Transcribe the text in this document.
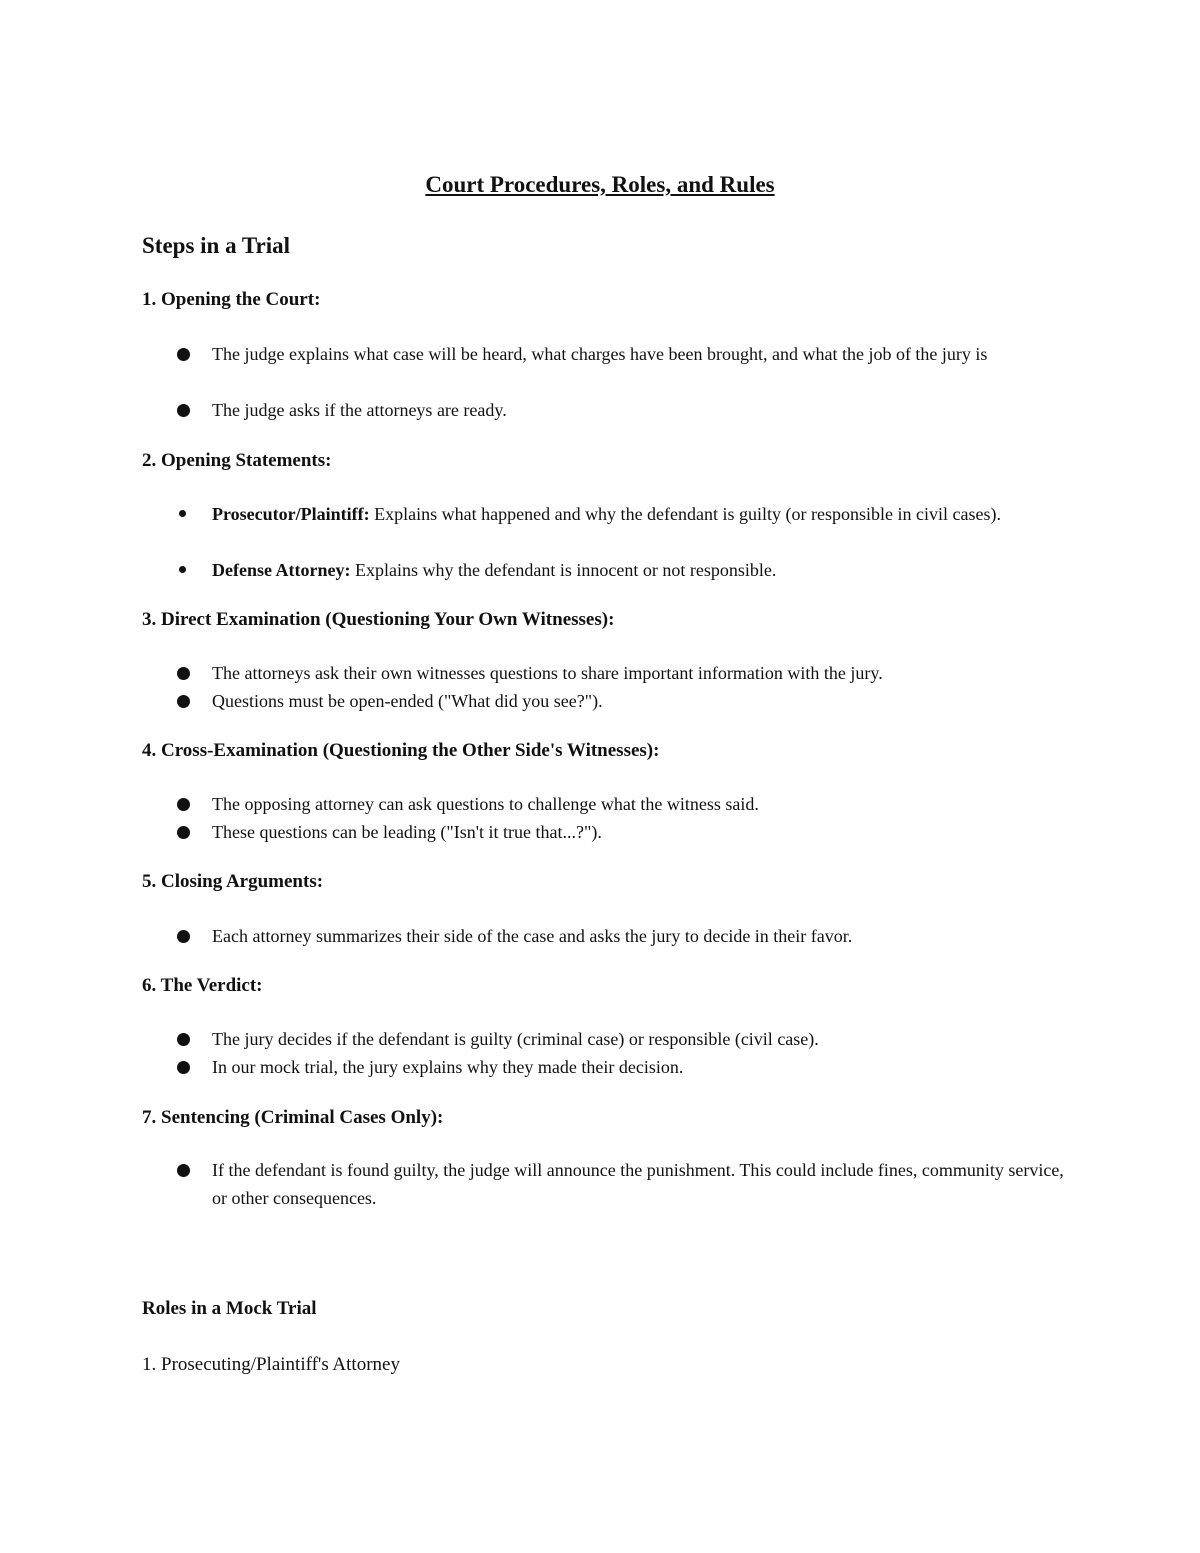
Court Procedures, Roles, and Rules
Steps in a Trial
1. Opening the Court:

The judge explains what case will be heard, what charges have been brought, and what the job of the jury is

The judge asks if the attorneys are ready.

2. Opening Statements:

Prosecutor/Plaintiff: Explains what happened and why the defendant is guilty (or responsible in civil cases).

Defense Attorney: Explains why the defendant is innocent or not responsible.

3. Direct Examination (Questioning Your Own Witnesses):

The attorneys ask their own witnesses questions to share important information with the jury.

Questions must be open-ended ("What did you see?").

4. Cross-Examination (Questioning the Other Side's Witnesses):

The opposing attorney can ask questions to challenge what the witness said.

These questions can be leading ("Isn't it true that...?").

5. Closing Arguments:

Each attorney summarizes their side of the case and asks the jury to decide in their favor.

6. The Verdict:

The jury decides if the defendant is guilty (criminal case) or responsible (civil case).

In our mock trial, the jury explains why they made their decision.

7. Sentencing (Criminal Cases Only):

If the defendant is found guilty, the judge will announce the punishment. This could include fines, community service, or other consequences.

Roles in a Mock Trial

1. Prosecuting/Plaintiff's Attorney
